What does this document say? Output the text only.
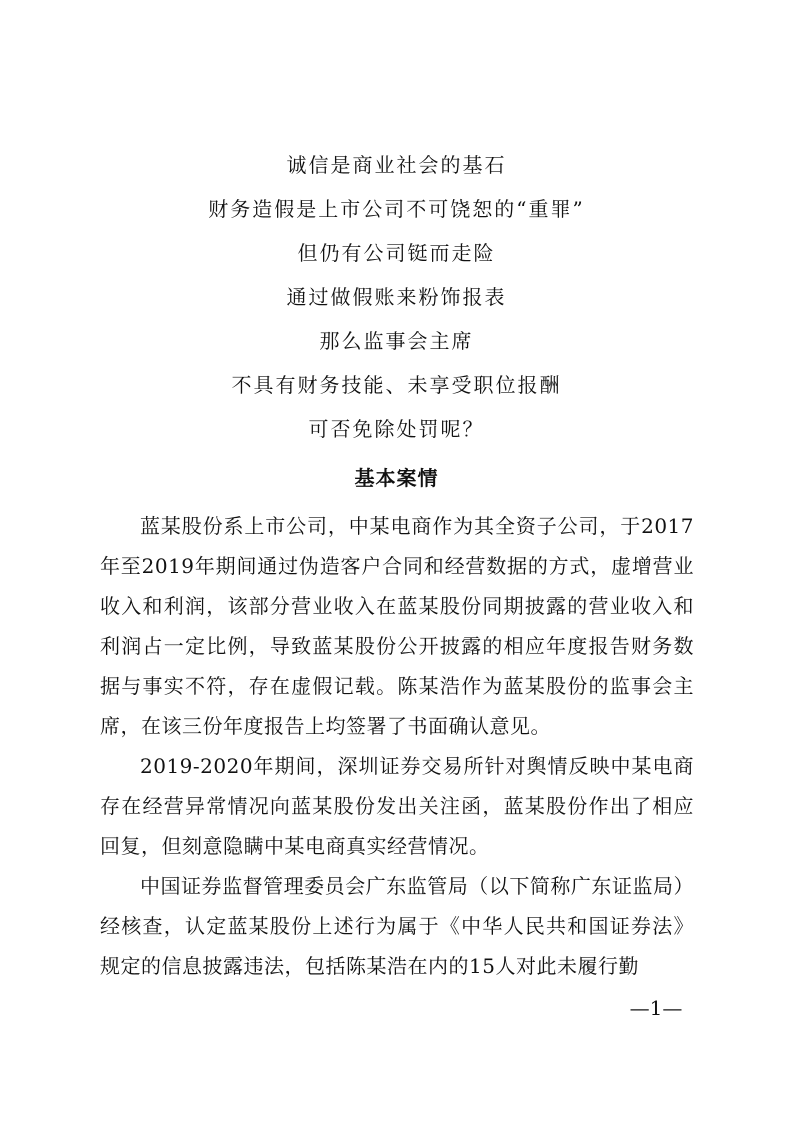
诚信是商业社会的基石
财务造假是上市公司不可饶恕的“重罪”
但仍有公司铤而走险
通过做假账来粉饰报表
那么监事会主席
不具有财务技能、未享受职位报酬
可否免除处罚呢？
基本案情

蓝某股份系上市公司，中某电商作为其全资子公司，于2017年至2019年期间通过伪造客户合同和经营数据的方式，虚增营业收入和利润，该部分营业收入在蓝某股份同期披露的营业收入和利润占一定比例，导致蓝某股份公开披露的相应年度报告财务数据与事实不符，存在虚假记载。陈某浩作为蓝某股份的监事会主席，在该三份年度报告上均签署了书面确认意见。

2019-2020年期间，深圳证券交易所针对舆情反映中某电商存在经营异常情况向蓝某股份发出关注函，蓝某股份作出了相应回复，但刻意隐瞒中某电商真实经营情况。

中国证券监督管理委员会广东监管局（以下简称广东证监局）经核查，认定蓝某股份上述行为属于《中华人民共和国证券法》规定的信息披露违法，包括陈某浩在内的15人对此未履行勤

—1—
